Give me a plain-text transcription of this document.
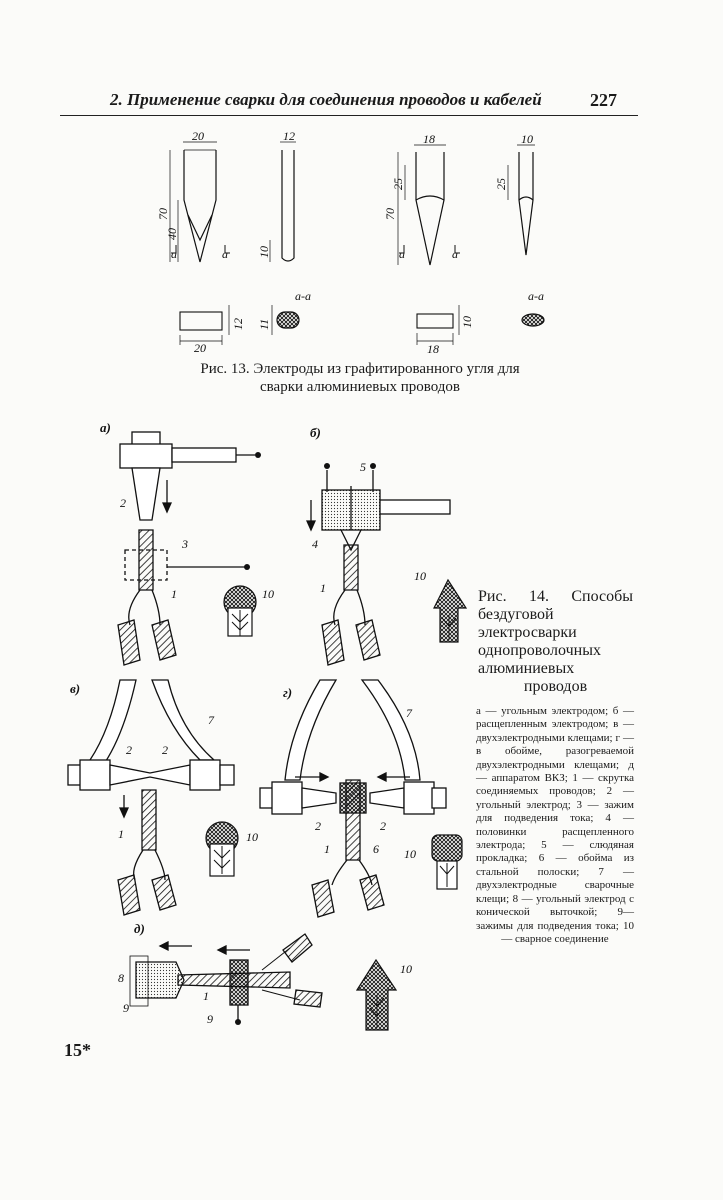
2. Применение сварки для соединения проводов и кабелей	227
20
70
40
а	а
12
10
18
70
25
а	а
10
25
20
12 11
а-а
18
10
а-а
а)
2
3
1	10
б)
5
4
1
10
в)
7
2	2
1	10
г)
7
2	2
1	6 10
д)
8
9
1
9
10
Рис. 13. Электроды из графитированного угля для
сварки алюминиевых проводов
Рис. 14. Способы бездуговой электросварки однопроволочных алюминиевых проводов
а — угольным электродом; б — расщепленным электродом; в — двухэлектродными клещами; г — в обойме, разогреваемой двухэлектродными клещами; д — аппаратом ВКЗ; 1 — скрутка соединяемых проводов; 2 — угольный электрод; 3 — зажим для подведения тока; 4 — половинки расщепленного электрода; 5 — слюдяная прокладка; 6 — обойма из стальной полоски; 7 — двухэлектродные сварочные клещи; 8 — угольный электрод с конической выточкой; 9—зажимы для подведения тока; 10 — сварное соединение
15*
